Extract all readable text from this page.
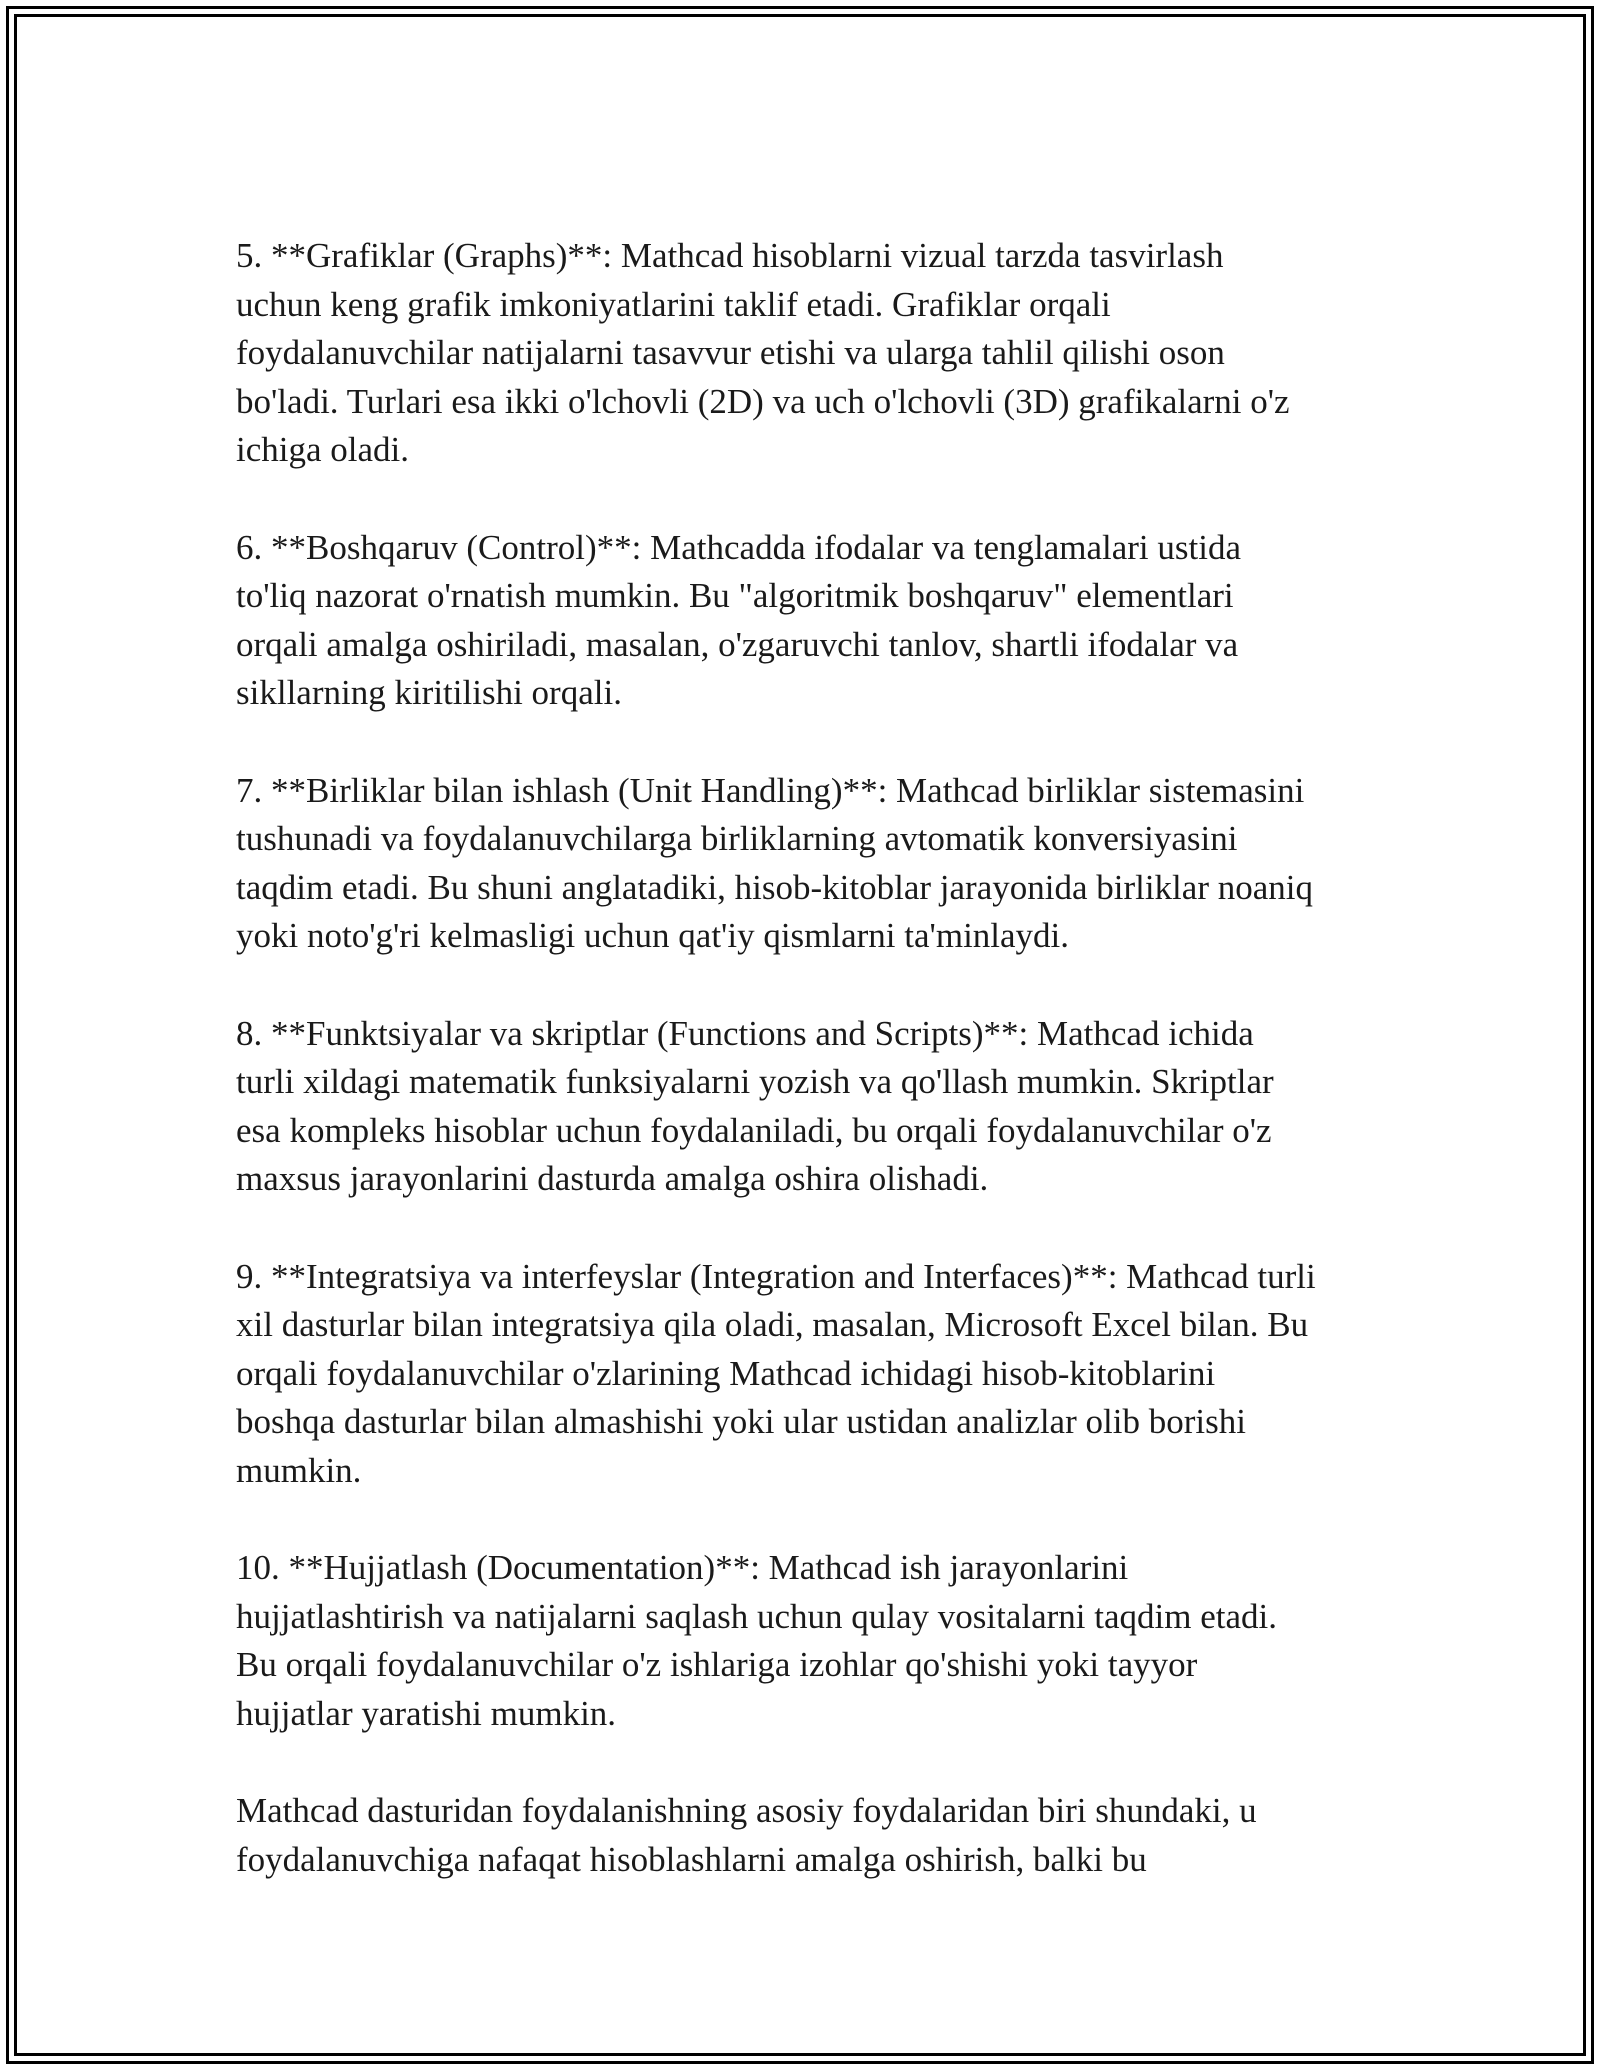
5. **Grafiklar (Graphs)**: Mathcad hisoblarni vizual tarzda tasvirlash
uchun keng grafik imkoniyatlarini taklif etadi. Grafiklar orqali
foydalanuvchilar natijalarni tasavvur etishi va ularga tahlil qilishi oson
bo'ladi. Turlari esa ikki o'lchovli (2D) va uch o'lchovli (3D) grafikalarni o'z
ichiga oladi.

6. **Boshqaruv (Control)**: Mathcadda ifodalar va tenglamalari ustida
to'liq nazorat o'rnatish mumkin. Bu "algoritmik boshqaruv" elementlari
orqali amalga oshiriladi, masalan, o'zgaruvchi tanlov, shartli ifodalar va
sikllarning kiritilishi orqali.

7. **Birliklar bilan ishlash (Unit Handling)**: Mathcad birliklar sistemasini
tushunadi va foydalanuvchilarga birliklarning avtomatik konversiyasini
taqdim etadi. Bu shuni anglatadiki, hisob-kitoblar jarayonida birliklar noaniq
yoki noto'g'ri kelmasligi uchun qat'iy qismlarni ta'minlaydi.

8. **Funktsiyalar va skriptlar (Functions and Scripts)**: Mathcad ichida
turli xildagi matematik funksiyalarni yozish va qo'llash mumkin. Skriptlar
esa kompleks hisoblar uchun foydalaniladi, bu orqali foydalanuvchilar o'z
maxsus jarayonlarini dasturda amalga oshira olishadi.

9. **Integratsiya va interfeyslar (Integration and Interfaces)**: Mathcad turli
xil dasturlar bilan integratsiya qila oladi, masalan, Microsoft Excel bilan. Bu
orqali foydalanuvchilar o'zlarining Mathcad ichidagi hisob-kitoblarini
boshqa dasturlar bilan almashishi yoki ular ustidan analizlar olib borishi
mumkin.

10. **Hujjatlash (Documentation)**: Mathcad ish jarayonlarini
hujjatlashtirish va natijalarni saqlash uchun qulay vositalarni taqdim etadi.
Bu orqali foydalanuvchilar o'z ishlariga izohlar qo'shishi yoki tayyor
hujjatlar yaratishi mumkin.

Mathcad dasturidan foydalanishning asosiy foydalaridan biri shundaki, u
foydalanuvchiga nafaqat hisoblashlarni amalga oshirish, balki bu
